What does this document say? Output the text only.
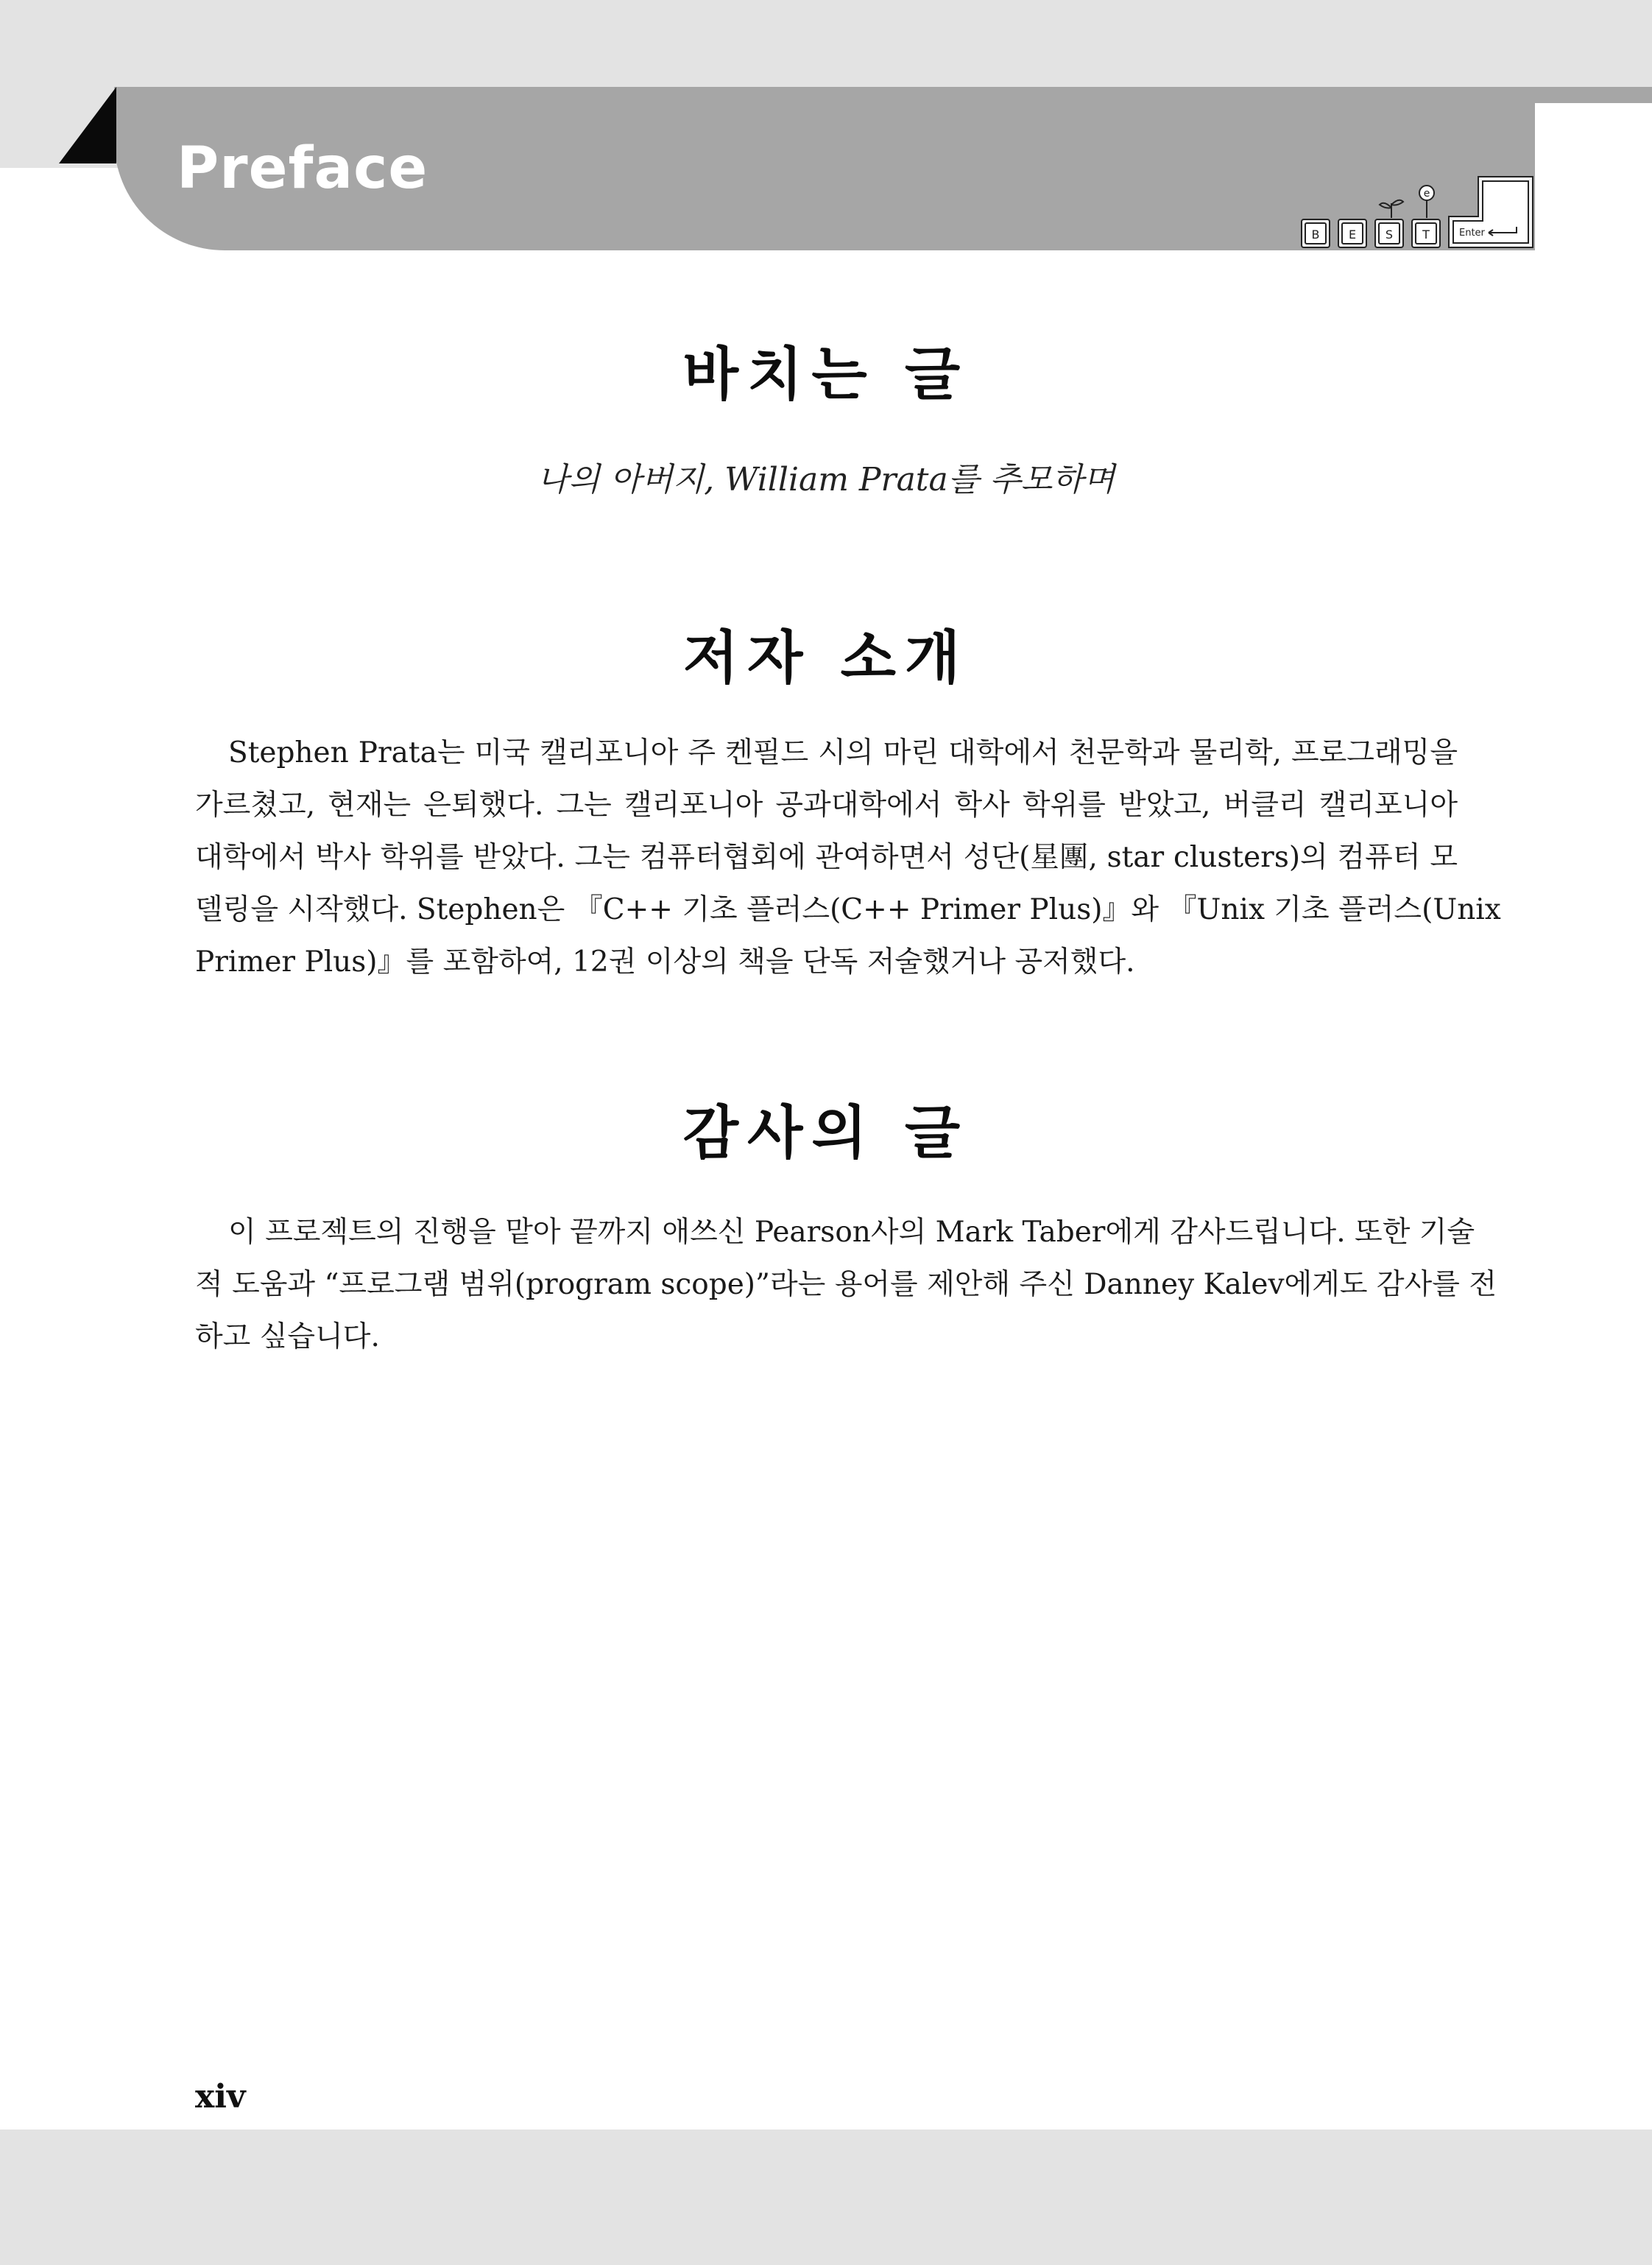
Preface
B E S	T
e
Enter
바치는 글
나의 아버지, William Prata를 추모하며
저자 소개
Stephen Prata는 미국 캘리포니아 주 켄필드 시의 마린 대학에서 천문학과 물리학, 프로그래밍을
가르쳤고, 현재는 은퇴했다. 그는 캘리포니아 공과대학에서 학사 학위를 받았고, 버클리 캘리포니아
대학에서 박사 학위를 받았다. 그는 컴퓨터협회에 관여하면서 성단(星團, star clusters)의 컴퓨터 모
델링을 시작했다. Stephen은 『C++ 기초 플러스(C++ Primer Plus)』와 『Unix 기초 플러스(Unix
Primer Plus)』를 포함하여, 12권 이상의 책을 단독 저술했거나 공저했다.
감사의 글
이 프로젝트의 진행을 맡아 끝까지 애쓰신 Pearson사의 Mark Taber에게 감사드립니다. 또한 기술
적 도움과 “프로그램 범위(program scope)”라는 용어를 제안해 주신 Danney Kalev에게도 감사를 전
하고 싶습니다.
xiv
